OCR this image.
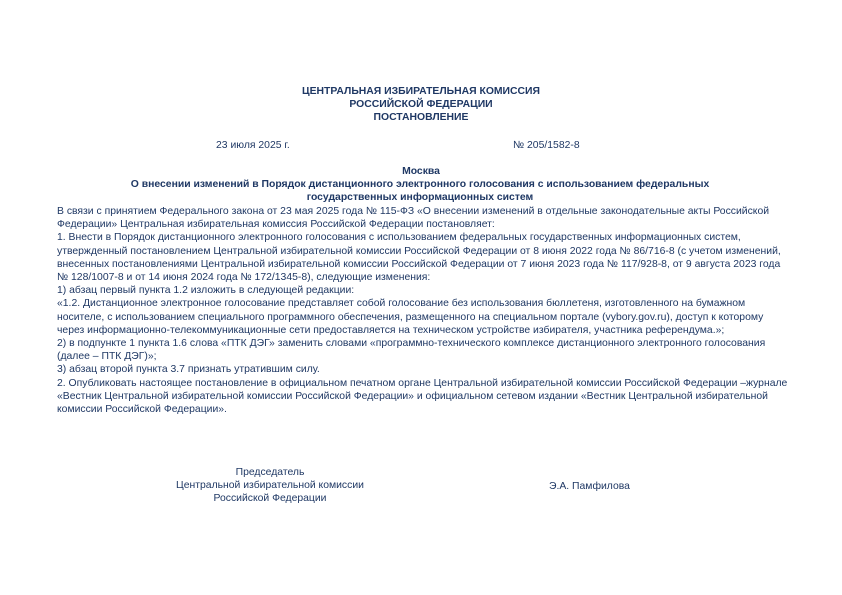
ЦЕНТРАЛЬНАЯ ИЗБИРАТЕЛЬНАЯ КОМИССИЯ
РОССИЙСКОЙ ФЕДЕРАЦИИ
ПОСТАНОВЛЕНИЕ
23 июля 2025 г.	№ 205/1582-8
Москва
О внесении изменений в Порядок дистанционного электронного голосования с использованием федеральных
государственных информационных систем

В связи с принятием Федерального закона от 23 мая 2025 года № 115-ФЗ «О внесении изменений в отдельные законодательные акты Российской Федерации» Центральная избирательная комиссия Российской Федерации постановляет:

1. Внести в Порядок дистанционного электронного голосования с использованием федеральных государственных информационных систем, утвержденный постановлением Центральной избирательной комиссии Российской Федерации от 8 июня 2022 года № 86/716-8 (с учетом изменений, внесенных постановлениями Центральной избирательной комиссии Российской Федерации от 7 июня 2023 года № 117/928-8, от 9 августа 2023 года № 128/1007-8 и от 14 июня 2024 года № 172/1345-8), следующие изменения:

1) абзац первый пункта 1.2 изложить в следующей редакции:

«1.2. Дистанционное электронное голосование представляет собой голосование без использования бюллетеня, изготовленного на бумажном носителе, с использованием специального программного обеспечения, размещенного на специальном портале (vybory.gov.ru), доступ к которому через информационно-телекоммуникационные сети предоставляется на техническом устройстве избирателя, участника референдума.»;

2) в подпункте 1 пункта 1.6 слова «ПТК ДЭГ» заменить словами «программно-технического комплексе дистанционного электронного голосования (далее – ПТК ДЭГ)»;

3) абзац второй пункта 3.7 признать утратившим силу.

2. Опубликовать настоящее постановление в официальном печатном органе Центральной избирательной комиссии Российской Федерации –журнале «Вестник Центральной избирательной комиссии Российской Федерации» и официальном сетевом издании «Вестник Центральной избирательной комиссии Российской Федерации».

Председатель
Центральной избирательной комиссии
Российской Федерации
Э.А. Памфилова
